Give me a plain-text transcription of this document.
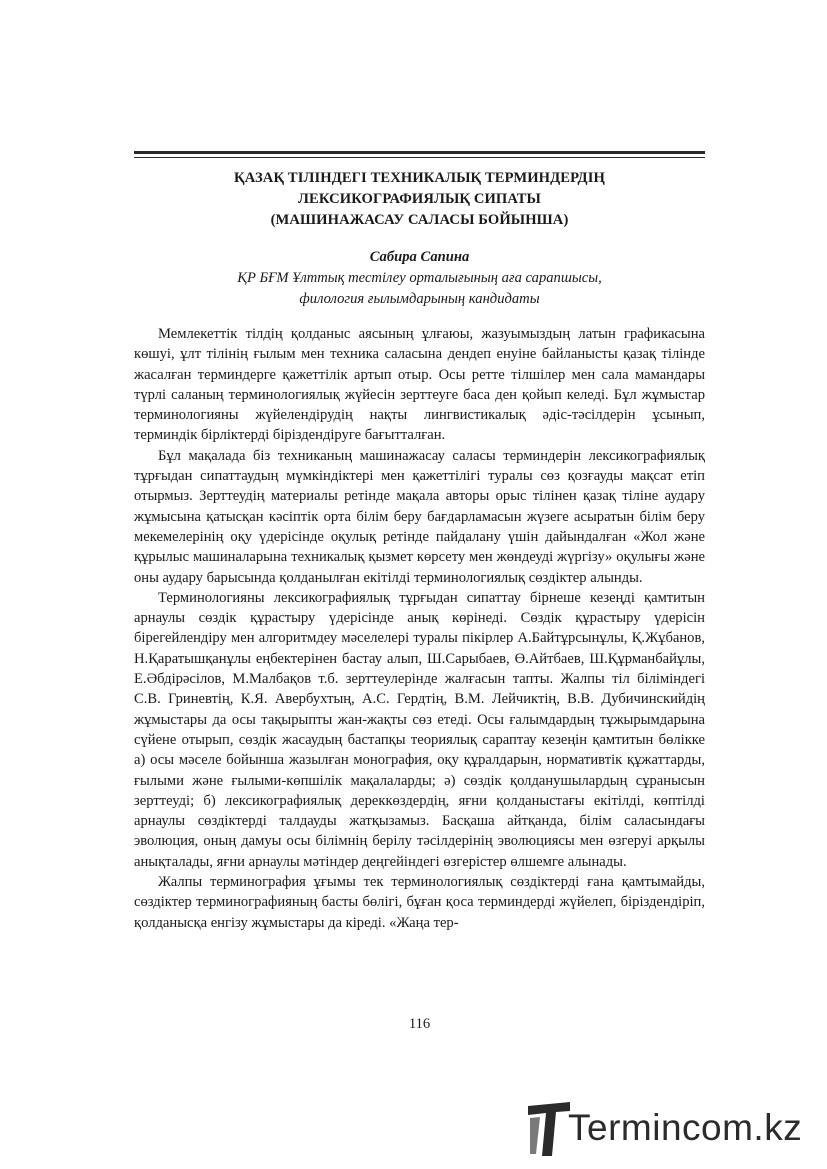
ҚАЗАҚ ТІЛІНДЕГІ ТЕХНИКАЛЫҚ ТЕРМИНДЕРДІҢ
ЛЕКСИКОГРАФИЯЛЫҚ СИПАТЫ
(МАШИНАЖАСАУ САЛАСЫ БОЙЫНША)
Сабира Сапина
ҚР БҒМ Ұлттық тестілеу орталығының аға сарапшысы,
филология ғылымдарының кандидаты

Мемлекеттік тілдің қолданыс аясының ұлғаюы, жазуымыздың латын графикасына көшуі, ұлт тілінің ғылым мен техника саласына дендеп енуіне байланысты қазақ тілінде жасалған терминдерге қажеттілік артып отыр. Осы ретте тілшілер мен сала мамандары түрлі саланың терминологиялық жүйесін зерттеуге баса ден қойып келеді. Бұл жұмыстар терминологияны жүйелендірудің нақты лингвистикалық әдіс-тәсілдерін ұсынып, терминдік бірліктерді біріздендіруге бағытталған.

Бұл мақалада біз техниканың машинажасау саласы терминдерін лексикографиялық тұрғыдан сипаттаудың мүмкіндіктері мен қажеттілігі туралы сөз қозғауды мақсат етіп отырмыз. Зерттеудің материалы ретінде мақала авторы орыс тілінен қазақ тіліне аудару жұмысына қатысқан кәсіптік орта білім беру бағдарламасын жүзеге асыратын білім беру мекемелерінің оқу үдерісінде оқулық ретінде пайдалану үшін дайындалған «Жол және құрылыс машиналарына техникалық қызмет көрсету мен жөндеуді жүргізу» оқулығы және оны аудару барысында қолданылған екітілді терминологиялық сөздіктер алынды.

Терминологияны лексикографиялық тұрғыдан сипаттау бірнеше кезеңді қамтитын арнаулы сөздік құрастыру үдерісінде анық көрінеді. Сөздік құрастыру үдерісін бірегейлендіру мен алгоритмдеу мәселелері туралы пікірлер А.Байтұрсынұлы, Қ.Жұбанов, Н.Қаратышқанұлы еңбектерінен бастау алып, Ш.Сарыбаев, Ө.Айтбаев, Ш.Құрманбайұлы, Е.Әбдірәсілов, М.Малбақов т.б. зерттеулерінде жалғасын тапты. Жалпы тіл біліміндегі С.В. Гриневтің, К.Я. Авербухтың, А.С. Гердтің, В.М. Лейчиктің, В.В. Дубичинскийдің жұмыстары да осы тақырыпты жан-жақты сөз етеді. Осы ғалымдардың тұжырымдарына сүйене отырып, сөздік жасаудың бастапқы теориялық сараптау кезеңін қамтитын бөлікке а) осы мәселе бойынша жазылған монография, оқу құралдарын, нормативтік құжаттарды, ғылыми және ғылыми-көпшілік мақалаларды; ә) сөздік қолданушылардың сұранысын зерттеуді; б) лексикографиялық дереккөздердің, яғни қолданыстағы екітілді, көптілді арнаулы сөздіктерді талдауды жатқызамыз. Басқаша айтқанда, білім саласындағы эволюция, оның дамуы осы білімнің берілу тәсілдерінің эволюциясы мен өзгеруі арқылы анықталады, яғни арнаулы мәтіндер деңгейіндегі өзгерістер өлшемге алынады.

Жалпы терминография ұғымы тек терминологиялық сөздіктерді ғана қамтымайды, сөздіктер терминографияның басты бөлігі, бұған қоса терминдерді жүйелеп, біріздендіріп, қолданысқа енгізу жұмыстары да кіреді. «Жаңа тер-

116
Termincom.kz
